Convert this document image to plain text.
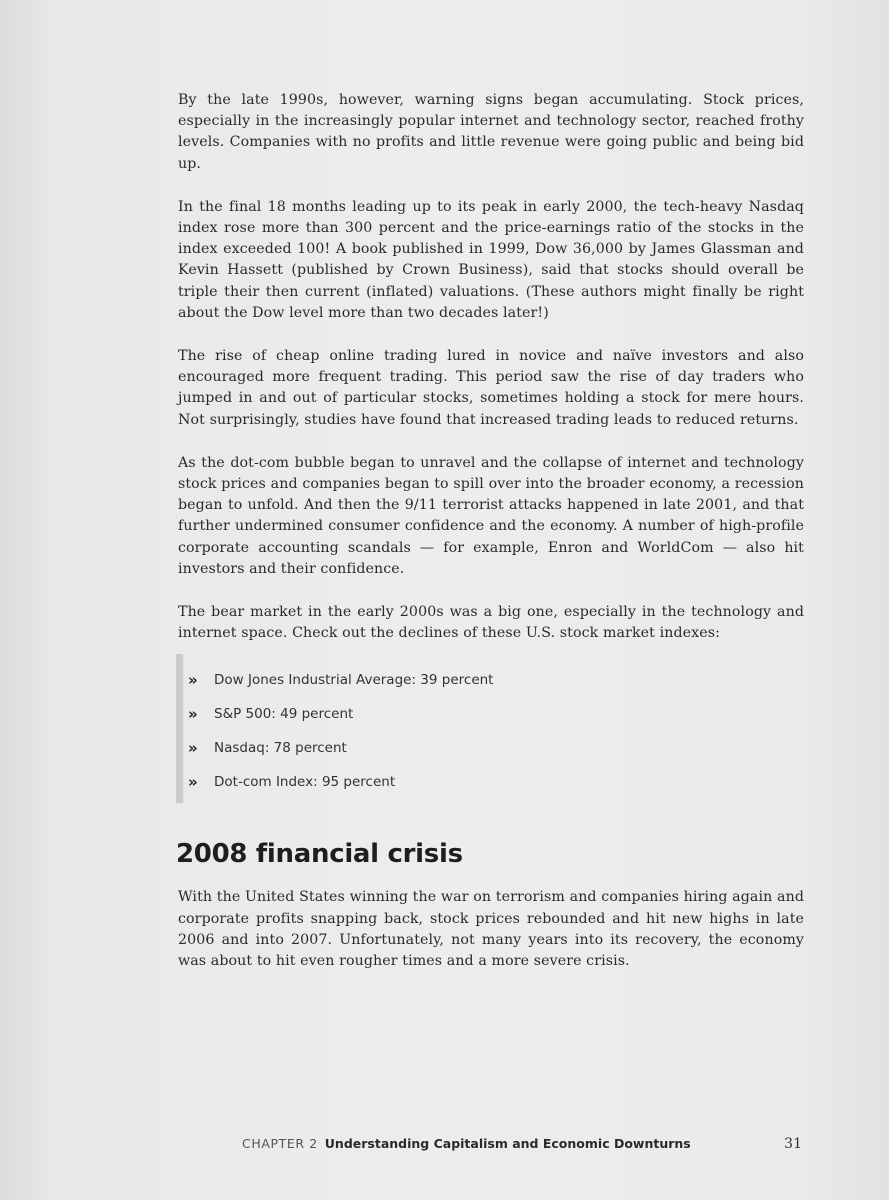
By the late 1990s, however, warning signs began accumulating. Stock prices, especially in the increasingly popular internet and technology sector, reached frothy levels. Companies with no profits and little revenue were going public and being bid up.

In the final 18 months leading up to its peak in early 2000, the tech-heavy Nasdaq index rose more than 300 percent and the price-earnings ratio of the stocks in the index exceeded 100! A book published in 1999, Dow 36,000 by James Glassman and Kevin Hassett (published by Crown Business), said that stocks should overall be triple their then current (inflated) valuations. (These authors might finally be right about the Dow level more than two decades later!)

The rise of cheap online trading lured in novice and naïve investors and also encouraged more frequent trading. This period saw the rise of day traders who jumped in and out of particular stocks, sometimes holding a stock for mere hours. Not surprisingly, studies have found that increased trading leads to reduced returns.

As the dot-com bubble began to unravel and the collapse of internet and technology stock prices and companies began to spill over into the broader economy, a recession began to unfold. And then the 9/11 terrorist attacks happened in late 2001, and that further undermined consumer confidence and the economy. A number of high-profile corporate accounting scandals — for example, Enron and WorldCom — also hit investors and their confidence.

The bear market in the early 2000s was a big one, especially in the technology and internet space. Check out the declines of these U.S. stock market indexes:

»	Dow Jones Industrial Average: 39 percent
»	S&P 500: 49 percent
»	Nasdaq: 78 percent
»	Dot-com Index: 95 percent
2008 financial crisis

With the United States winning the war on terrorism and companies hiring again and corporate profits snapping back, stock prices rebounded and hit new highs in late 2006 and into 2007. Unfortunately, not many years into its recovery, the economy was about to hit even rougher times and a more severe crisis.

CHAPTER 2 Understanding Capitalism and Economic Downturns	31
